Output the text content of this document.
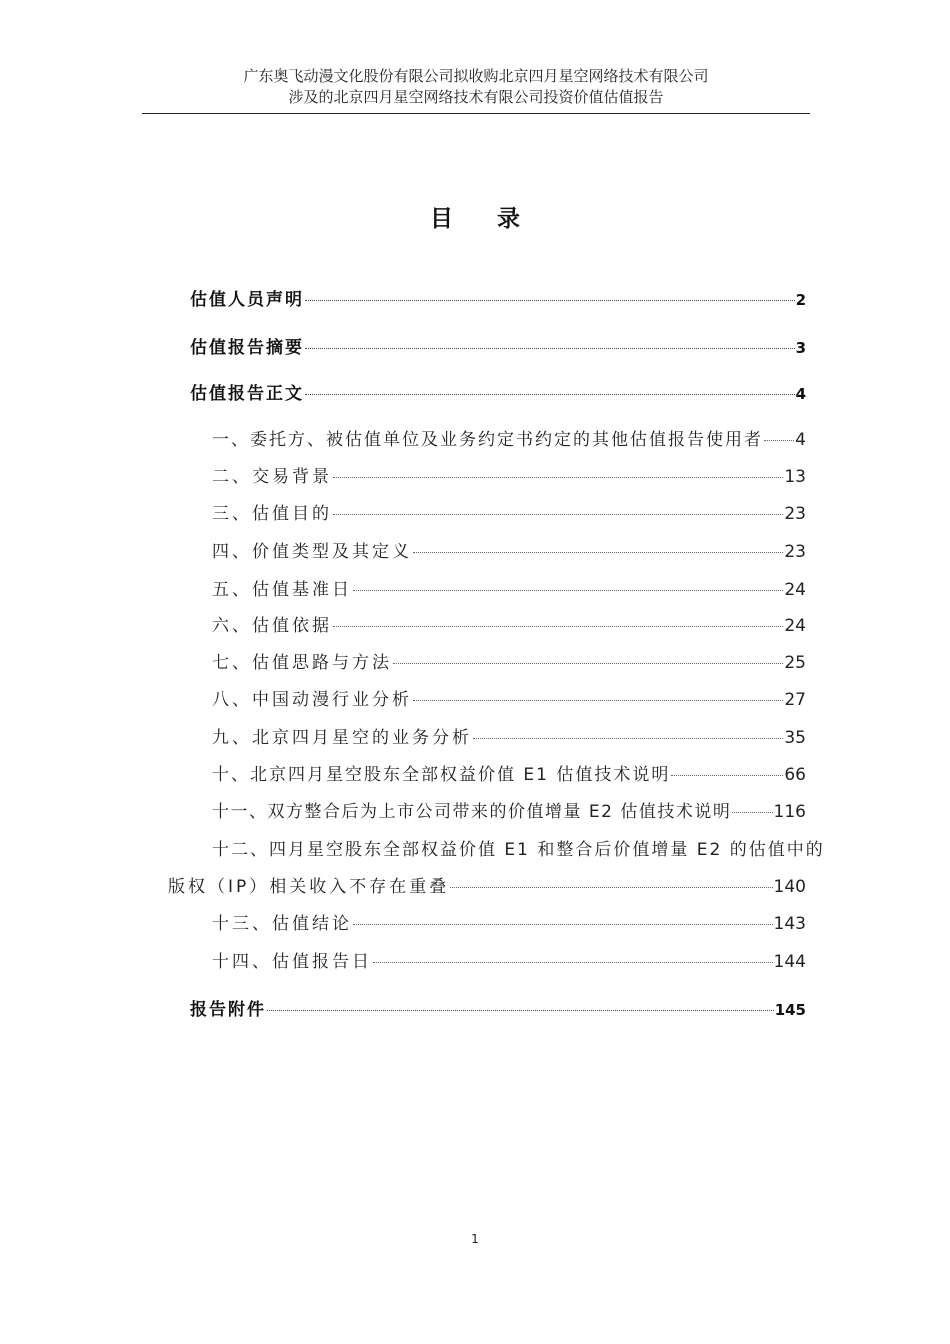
广东奥飞动漫文化股份有限公司拟收购北京四月星空网络技术有限公司
涉及的北京四月星空网络技术有限公司投资价值估值报告
目 录
估值人员声明	2
估值报告摘要	3
估值报告正文	4
一、委托方、被估值单位及业务约定书约定的其他估值报告使用者 4
二、交易背景	13
三、估值目的	23
四、价值类型及其定义	23
五、估值基准日	24
六、估值依据	24
七、估值思路与方法	25
八、中国动漫行业分析	27
九、北京四月星空的业务分析	35
十、北京四月星空股东全部权益价值 E1 估值技术说明	66
十一、双方整合后为上市公司带来的价值增量 E2 估值技术说明 116
十二、四月星空股东全部权益价值 E1 和整合后价值增量 E2 的估值中的
版权（IP）相关收入不存在重叠	140
十三、估值结论	143
十四、估值报告日	144
报告附件	145
1
